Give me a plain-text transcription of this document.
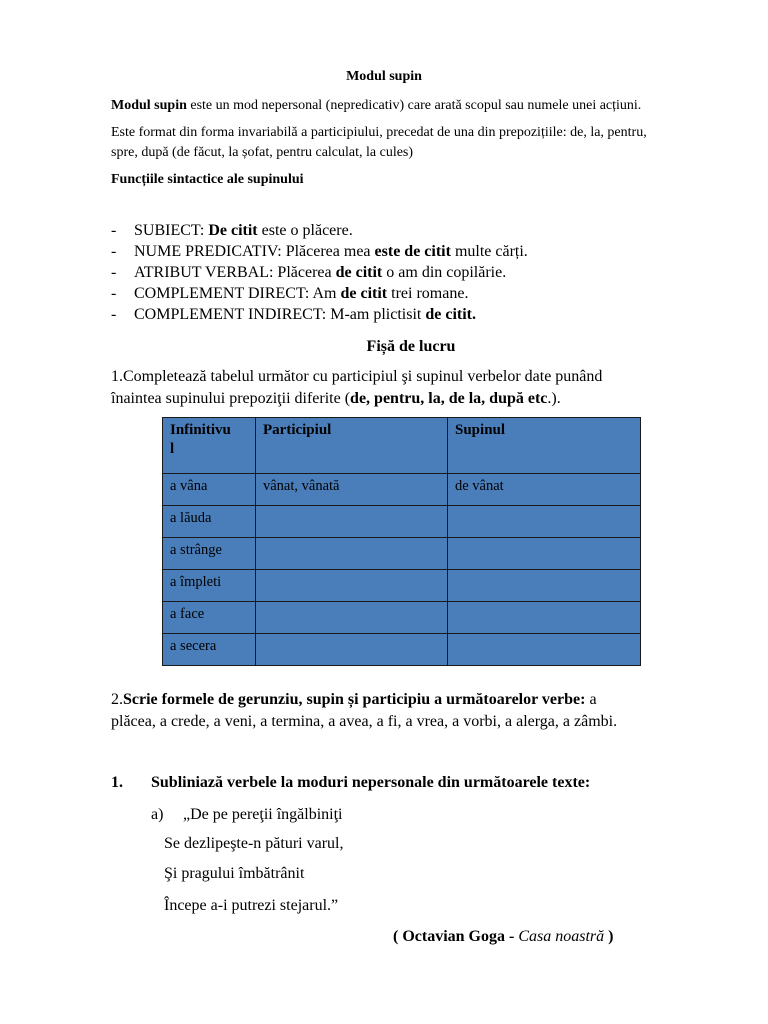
Modul supin
Modul supin este un mod nepersonal (nepredicativ) care arată scopul sau numele unei acțiuni.
Este format din forma invariabilă a participiului, precedat de una din prepozițiile: de, la, pentru,
spre, după (de făcut, la șofat, pentru calculat, la cules)
Funcțiile sintactice ale supinului
- SUBIECT: De citit este o plăcere.
- NUME PREDICATIV: Plăcerea mea este de citit multe cărți.
- ATRIBUT VERBAL: Plăcerea de citit o am din copilărie.
- COMPLEMENT DIRECT: Am de citit trei romane.
- COMPLEMENT INDIRECT: M-am plictisit de citit.
Fișă de lucru
1.Completează tabelul următor cu participiul şi supinul verbelor date punând
înaintea supinului prepoziţii diferite (de, pentru, la, de la, după etc.).
Infinitivu
l	Participiul	Supinul
a vâna	vânat, vânată	de vânat
a lăuda		
a strânge		
a împleti		
a face		
a secera		
2.Scrie formele de gerunziu, supin și participiu a următoarelor verbe: a
plăcea, a crede, a veni, a termina, a avea, a fi, a vrea, a vorbi, a alerga, a zâmbi.
1. Subliniază verbele la moduri nepersonale din următoarele texte:
a) „De pe pereţii îngălbiniţi
Se dezlipeşte-n pături varul,
Şi pragului îmbătrânit
Începe a-i putrezi stejarul.”
( Octavian Goga - Casa noastră )
